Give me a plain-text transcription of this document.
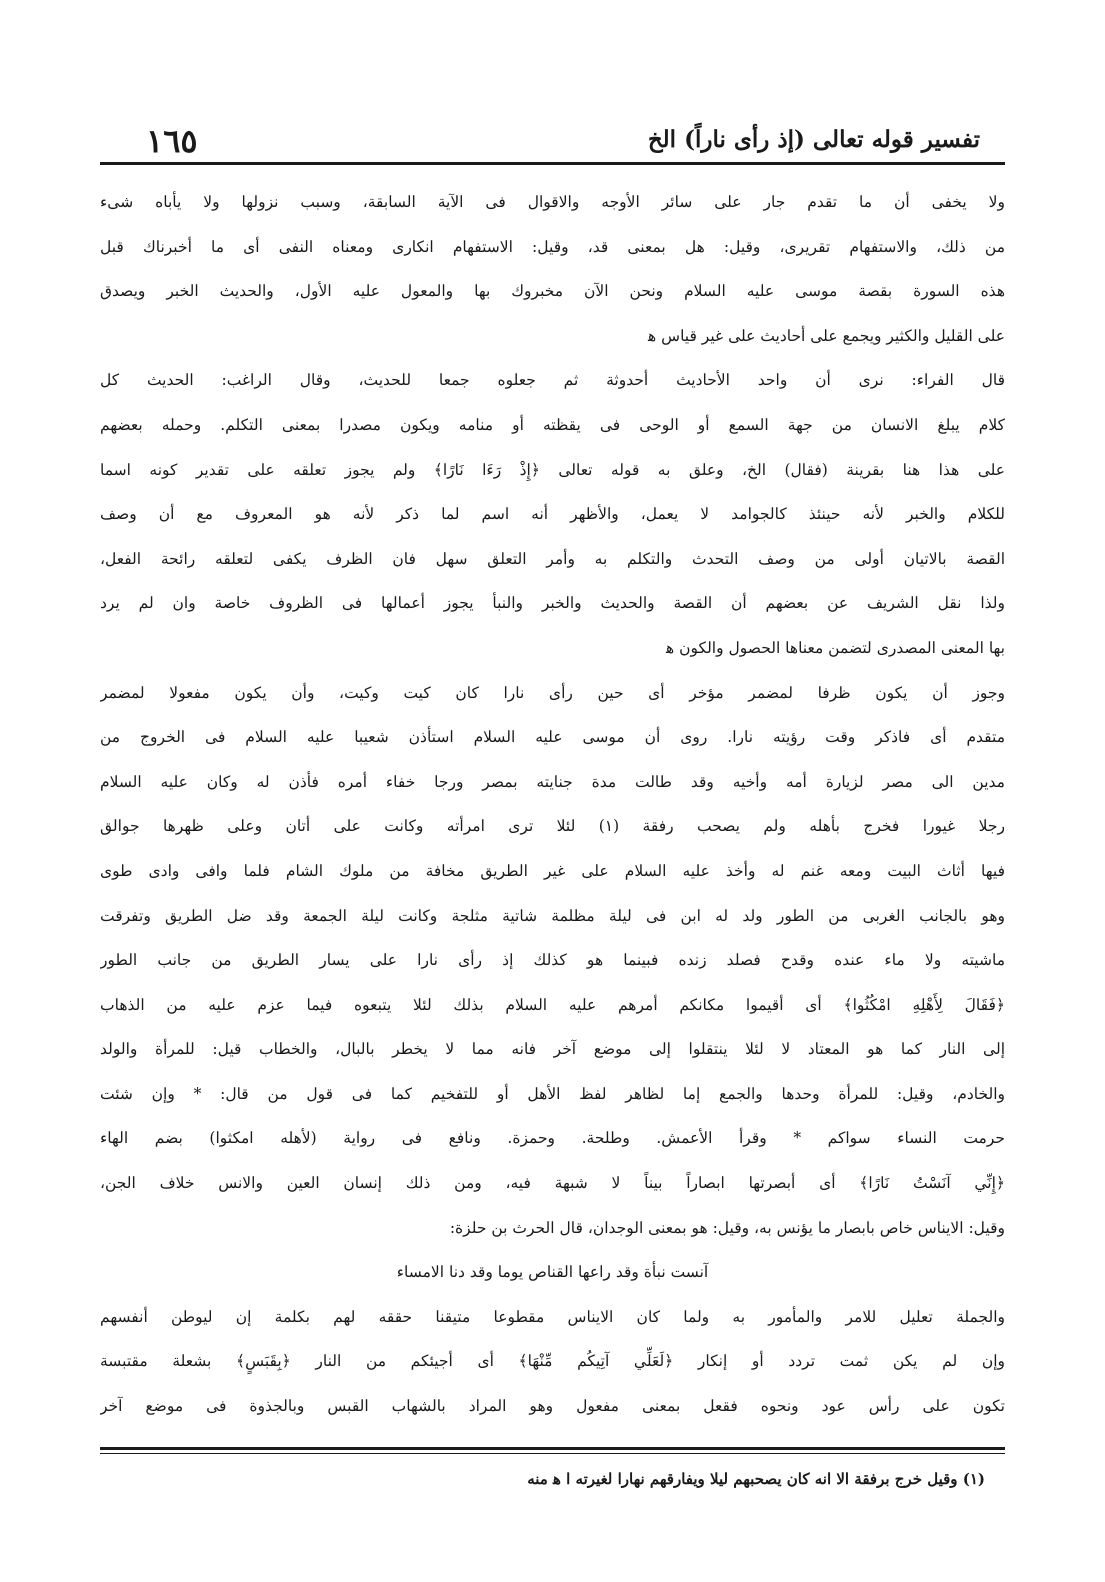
تفسير قوله تعالى (إذ رأى ناراً) الخ
١٦٥
ولا يخفى أن ما تقدم جار على سائر الأوجه والاقوال فى الآية السابقة، وسبب نزولها ولا يأباه شىء
من ذلك، والاستفهام تقريرى، وقيل: هل بمعنى قد، وقيل: الاستفهام انكارى ومعناه النفى أى ما أخبرناك قبل
هذه السورة بقصة موسى عليه السلام ونحن الآن مخبروك بها والمعول عليه الأول، والحديث الخبر ويصدق
على القليل والكثير ويجمع على أحاديث على غير قياس ﻫ
قال الفراء: نرى أن واحد الأحاديث أحدوثة ثم جعلوه جمعا للحديث، وقال الراغب: الحديث كل
كلام يبلغ الانسان من جهة السمع أو الوحى فى يقظته أو منامه ويكون مصدرا بمعنى التكلم. وحمله بعضهم
على هذا هنا بقرينة (فقال) الخ، وعلق به قوله تعالى ﴿إِذْ رَءَا نَارًا﴾ ولم يجوز تعلقه على تقدير كونه اسما
للكلام والخبر لأنه حينئذ كالجوامد لا يعمل، والأظهر أنه اسم لما ذكر لأنه هو المعروف مع أن وصف
القصة بالاتيان أولى من وصف التحدث والتكلم به وأمر التعلق سهل فان الظرف يكفى لتعلقه رائحة الفعل،
ولذا نقل الشريف عن بعضهم أن القصة والحديث والخبر والنبأ يجوز أعمالها فى الظروف خاصة وان لم يرد
بها المعنى المصدرى لتضمن معناها الحصول والكون ﻫ
وجوز أن يكون ظرفا لمضمر مؤخر أى حين رأى نارا كان كيت وكيت، وأن يكون مفعولا لمضمر
متقدم أى فاذكر وقت رؤيته نارا. روى أن موسى عليه السلام استأذن شعيبا عليه السلام فى الخروج من
مدين الى مصر لزيارة أمه وأخيه وقد طالت مدة جنايته بمصر ورجا خفاء أمره فأذن له وكان عليه السلام
رجلا غيورا فخرج بأهله ولم يصحب رفقة (١) لئلا ترى امرأته وكانت على أتان وعلى ظهرها جوالق
فيها أثاث البيت ومعه غنم له وأخذ عليه السلام على غير الطريق مخافة من ملوك الشام فلما وافى وادى طوى
وهو بالجانب الغربى من الطور ولد له ابن فى ليلة مظلمة شاتية مثلجة وكانت ليلة الجمعة وقد ضل الطريق وتفرقت
ماشيته ولا ماء عنده وقدح فصلد زنده فبينما هو كذلك إذ رأى نارا على يسار الطريق من جانب الطور
﴿فَقَالَ لِأَهْلِهِ امْكُثُوا﴾ أى أقيموا مكانكم أمرهم عليه السلام بذلك لئلا يتبعوه فيما عزم عليه من الذهاب
إلى النار كما هو المعتاد لا لئلا ينتقلوا إلى موضع آخر فانه مما لا يخطر بالبال، والخطاب قيل: للمرأة والولد
والخادم، وقيل: للمرأة وحدها والجمع إما لظاهر لفظ الأهل أو للتفخيم كما فى قول من قال: * وإن شئت
حرمت النساء سواكم * وقرأ الأعمش. وطلحة. وحمزة. ونافع فى رواية (لأهله امكثوا) بضم الهاء
﴿إِنِّي آنَسْتُ نَارًا﴾ أى أبصرتها ابصاراً بيناً لا شبهة فيه، ومن ذلك إنسان العين والانس خلاف الجن،
وقيل: الايناس خاص بابصار ما يؤنس به، وقيل: هو بمعنى الوجدان، قال الحرث بن حلزة:
آنست نبأة وقد راعها القناص يوما وقد دنا الامساء
والجملة تعليل للامر والمأمور به ولما كان الايناس مقطوعا متيقنا حققه لهم بكلمة إن ليوطن أنفسهم
وإن لم يكن ثمت تردد أو إنكار ﴿لَعَلِّي آتِيكُم مِّنْهَا﴾ أى أجيئكم من النار ﴿بِقَبَسٍ﴾ بشعلة مقتبسة
تكون على رأس عود ونحوه فقعل بمعنى مفعول وهو المراد بالشهاب القبس وبالجذوة فى موضع آخر
(١) وقيل خرج برفقة الا انه كان يصحبهم ليلا ويفارقهم نهارا لغيرته ا ﻫ منه
